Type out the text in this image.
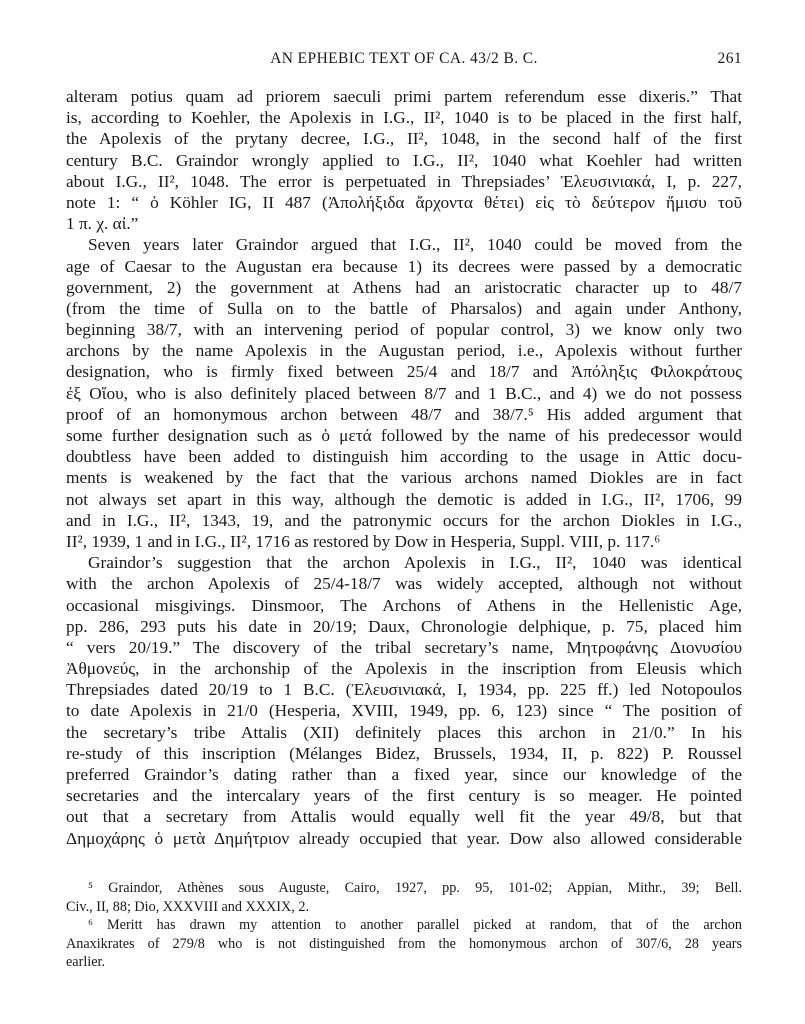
AN EPHEBIC TEXT OF CA. 43/2 B. C.	261
alteram potius quam ad priorem saeculi primi partem referendum esse dixeris.” That
is, according to Koehler, the Apolexis in I.G., II², 1040 is to be placed in the first half,
the Apolexis of the prytany decree, I.G., II², 1048, in the second half of the first
century B.C. Graindor wrongly applied to I.G., II², 1040 what Koehler had written
about I.G., II², 1048. The error is perpetuated in Threpsiades’ Ἐλευσινιακά, I, p. 227,
note 1: “ ὁ Köhler IG, II 487 (Ἀπολήξιδα ἄρχοντα θέτει) εἰς τὸ δεύτερον ἥμισυ τοῦ
1 π. χ. αἰ.”
Seven years later Graindor argued that I.G., II², 1040 could be moved from the
age of Caesar to the Augustan era because 1) its decrees were passed by a democratic
government, 2) the government at Athens had an aristocratic character up to 48/7
(from the time of Sulla on to the battle of Pharsalos) and again under Anthony,
beginning 38/7, with an intervening period of popular control, 3) we know only two
archons by the name Apolexis in the Augustan period, i.e., Apolexis without further
designation, who is firmly fixed between 25/4 and 18/7 and Ἀπόληξις Φιλοκράτους
ἐξ Οἴου, who is also definitely placed between 8/7 and 1 B.C., and 4) we do not possess
proof of an homonymous archon between 48/7 and 38/7.⁵ His added argument that
some further designation such as ὁ μετά followed by the name of his predecessor would
doubtless have been added to distinguish him according to the usage in Attic docu-
ments is weakened by the fact that the various archons named Diokles are in fact
not always set apart in this way, although the demotic is added in I.G., II², 1706, 99
and in I.G., II², 1343, 19, and the patronymic occurs for the archon Diokles in I.G.,
II², 1939, 1 and in I.G., II², 1716 as restored by Dow in Hesperia, Suppl. VIII, p. 117.⁶
Graindor’s suggestion that the archon Apolexis in I.G., II², 1040 was identical
with the archon Apolexis of 25/4-18/7 was widely accepted, although not without
occasional misgivings. Dinsmoor, The Archons of Athens in the Hellenistic Age,
pp. 286, 293 puts his date in 20/19; Daux, Chronologie delphique, p. 75, placed him
“ vers 20/19.” The discovery of the tribal secretary’s name, Μητροφάνης Διονυσίου
Ἀθμονεύς, in the archonship of the Apolexis in the inscription from Eleusis which
Threpsiades dated 20/19 to 1 B.C. (Ἐλευσινιακά, I, 1934, pp. 225 ff.) led Notopoulos
to date Apolexis in 21/0 (Hesperia, XVIII, 1949, pp. 6, 123) since “ The position of
the secretary’s tribe Attalis (XII) definitely places this archon in 21/0.” In his
re-study of this inscription (Mélanges Bidez, Brussels, 1934, II, p. 822) P. Roussel
preferred Graindor’s dating rather than a fixed year, since our knowledge of the
secretaries and the intercalary years of the first century is so meager. He pointed
out that a secretary from Attalis would equally well fit the year 49/8, but that
Δημοχάρης ὁ μετὰ Δημήτριον already occupied that year. Dow also allowed considerable
⁵ Graindor, Athènes sous Auguste, Cairo, 1927, pp. 95, 101-02; Appian, Mithr., 39; Bell.
Civ., II, 88; Dio, XXXVIII and XXXIX, 2.
⁶ Meritt has drawn my attention to another parallel picked at random, that of the archon
Anaxikrates of 279/8 who is not distinguished from the homonymous archon of 307/6, 28 years
earlier.
